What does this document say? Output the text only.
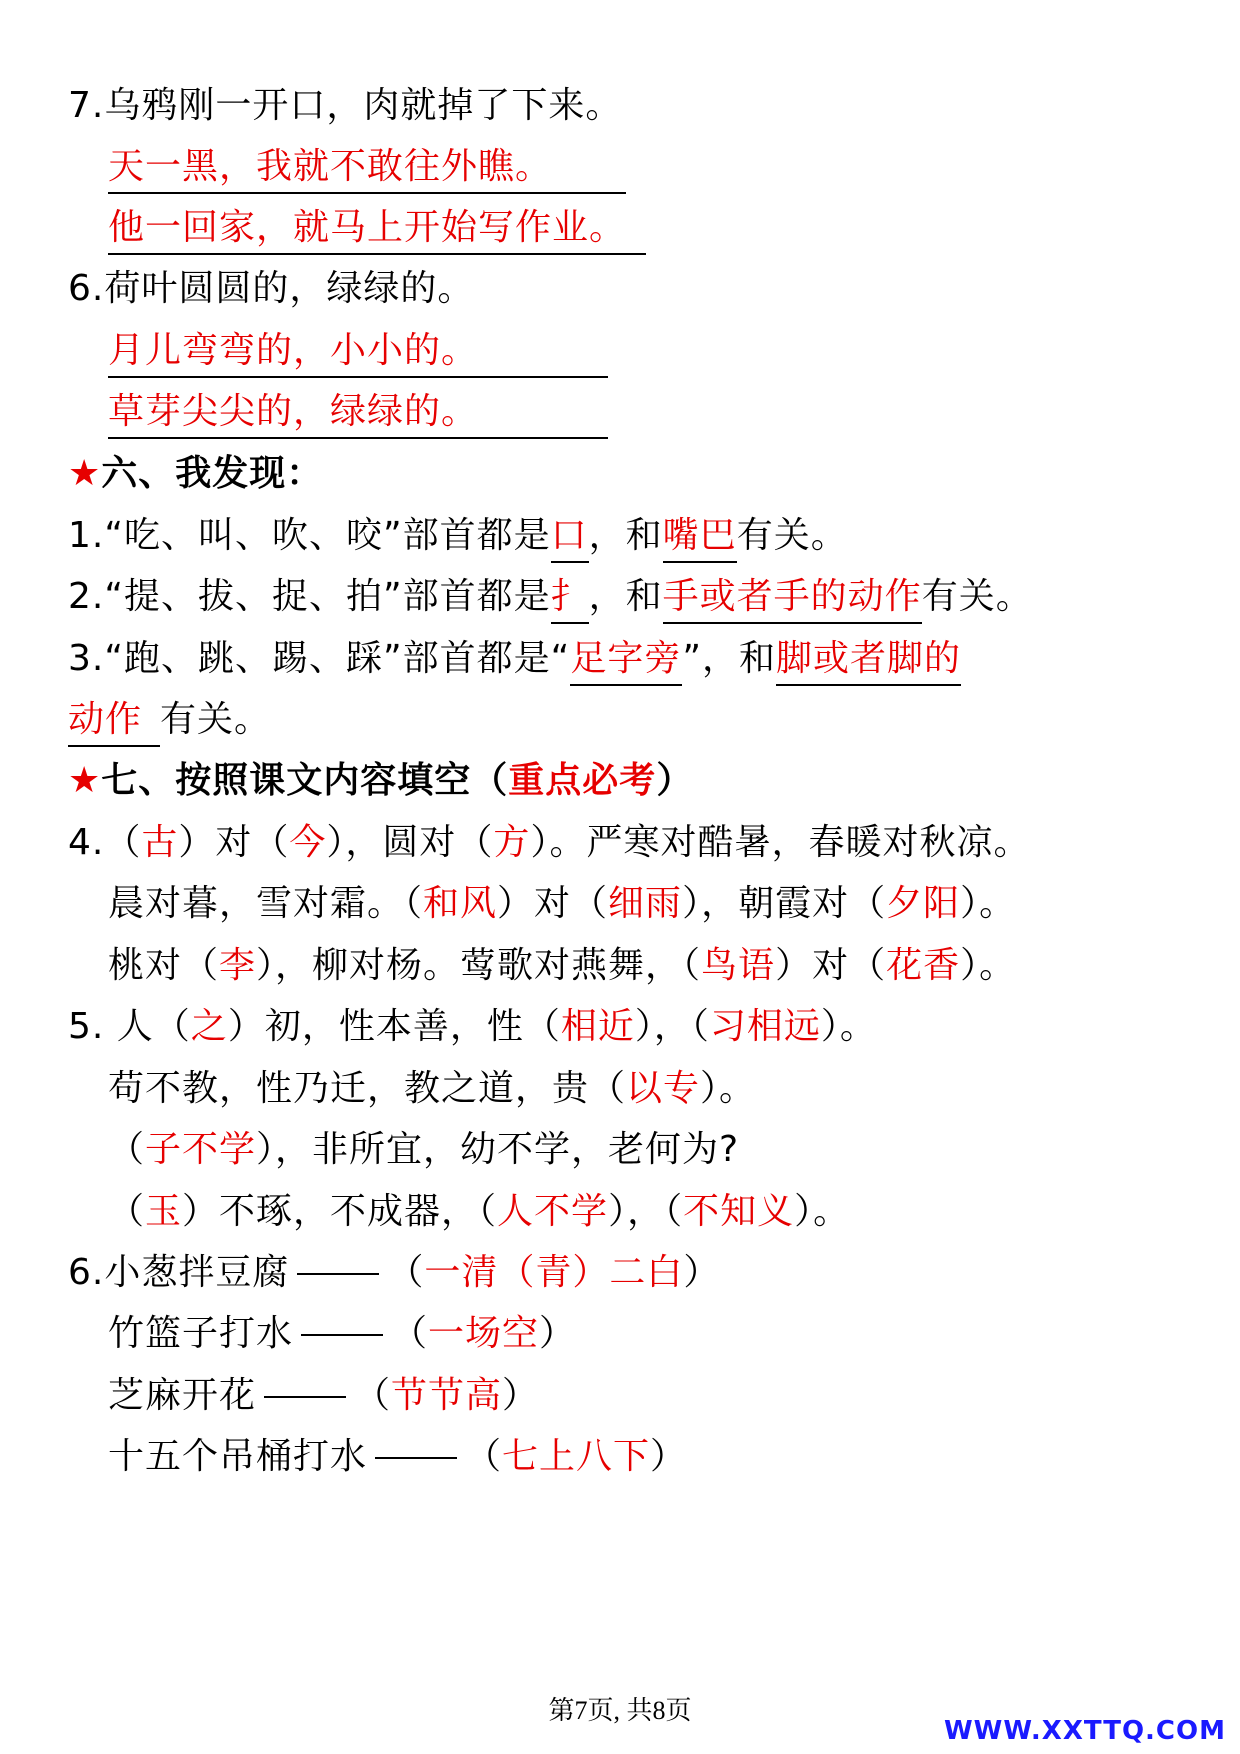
7.乌鸦刚一开口，肉就掉了下来。
天一黑，我就不敢往外瞧。
他一回家，就马上开始写作业。
6.荷叶圆圆的，绿绿的。
月儿弯弯的，小小的。
草芽尖尖的，绿绿的。
★六、我发现：
1.“吃、叫、吹、咬”部首都是口，和嘴巴有关。
2.“提、拔、捉、拍”部首都是扌，和手或者手的动作有关。
3.“跑、跳、踢、踩”部首都是“足字旁”，和脚或者脚的
动作 有关。
★七、按照课文内容填空（重点必考）
4.（古）对（今），圆对（方）。严寒对酷暑，春暖对秋凉。
晨对暮，雪对霜。（和风）对（细雨），朝霞对（夕阳）。
桃对（李），柳对杨。莺歌对燕舞，（鸟语）对（花香）。
5. 人（之）初，性本善，性（相近），（习相远）。
苟不教，性乃迁，教之道，贵（以专）。
（子不学），非所宜，幼不学，老何为?
（玉）不琢，不成器，（人不学），（不知义）。
6.小葱拌豆腐	（一清（青）二白）
竹篮子打水	（一场空）
芝麻开花	（节节高）
十五个吊桶打水	（七上八下）
第7页, 共8页
WWW.XXTTQ.COM
